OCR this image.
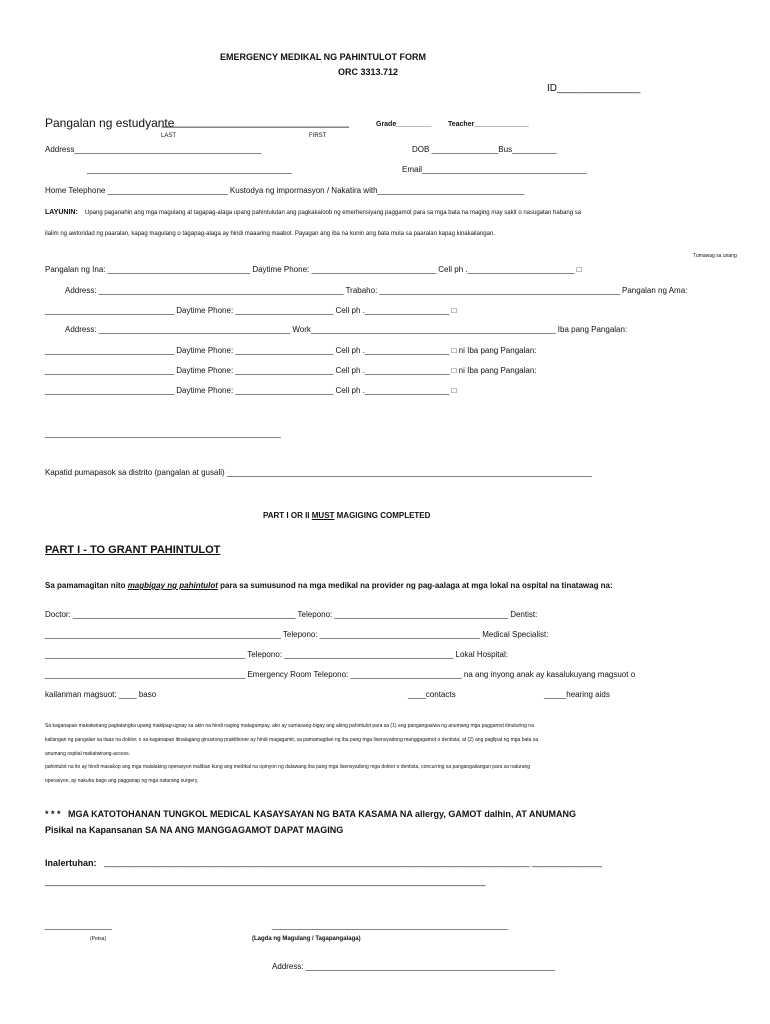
EMERGENCY MEDIKAL NG PAHINTULOT FORM
ORC 3313.712
ID_______________
Pangalan ng estudyante
____________________________	Grade_________ Teacher______________
LAST	FIRST
Address__________________________________________	DOB _______________Bus__________
______________________________________________	Email_____________________________________
Home Telephone ___________________________ Kustodya ng impormasyon / Nakatira with_________________________________
LAYUNIN: Upang paganahin ang mga magulang at tagapag-alaga upang pahintulutan ang pagkakaloob ng emerhensiyang paggamot para sa mga bata na maging may sakit o nasugatan habang sa
ilalim ng awtoridad ng paaralan, kapag magulang o tagapag-alaga ay hindi maaaring maabot. Payagan ang iba na kunin ang bata mula sa paaralan kapag kinakailangan.
Tumawag sa unang
Pangalan ng Ina: ________________________________ Daytime Phone: ____________________________ Cell ph .________________________ □
Address: _______________________________________________________ Trabaho: ______________________________________________________ Pangalan ng Ama:
_____________________________ Daytime Phone: ______________________ Cell ph .___________________ □
Address: ___________________________________________ Work_______________________________________________________ Iba pang Pangalan:
_____________________________ Daytime Phone: ______________________ Cell ph .___________________ □ ni Iba pang Pangalan:
_____________________________ Daytime Phone: ______________________ Cell ph .___________________ □ ni Iba pang Pangalan:
_____________________________ Daytime Phone: ______________________ Cell ph .___________________ □
_____________________________________________________
Kapatid pumapasok sa distrito (pangalan at gusali) __________________________________________________________________________________
PART I OR II MUST MAGIGING COMPLETED
PART I - TO GRANT PAHINTULOT
Sa pamamagitan nito magbigay ng pahintulot para sa sumusunod na mga medikal na provider ng pag-aalaga at mga lokal na ospital na tinatawag na:
Doctor: __________________________________________________ Telepono: _______________________________________ Dentist:
_____________________________________________________ Telepono: ____________________________________ Medical Specialist:
_____________________________________________ Telepono: ______________________________________ Lokal Hospital:
_____________________________________________ Emergency Room Telepono: _________________________ na ang inyong anak ay kasalukuyang magsuot o
kailanman magsuot: ____ baso	____contacts	_____hearing aids
Sa kaganapan makatwirang pagtatangka upang makipag-ugnay sa akin na hindi naging matagumpay, ako ay sumasang-bigay ang aking pahintulot para sa (1) ang pangangasiwa ng anumang mga paggamot itinuturing na
kailangan ng pangalan sa itaas na doktor, o sa kaganapan itinalagang ginustong praktitioner ay hindi magagamit, sa pamamagitan ng iba pang mga lisensyadong manggagamot o dentista; at (2) ang paglipat ng mga bata sa
anumang ospital makatwirang-access.
pahintulot na ito ay hindi masakop ang mga malalaking operasyon maliban kung ang medikal na opinyon ng dalawang iba pang mga lisensyadong mga doktor o dentista, concurring sa pangangailangan para sa naturang
operasyon, ay nakuha bago ang pagganap ng mga naturang surgery.
* * *   MGA KATOTOHANAN TUNGKOL MEDICAL KASAYSAYAN NG BATA KASAMA NA allergy, GAMOT dalhin, AT ANUMANG
Pisikal na Kapansanan SA NA ANG MANGGAGAMOT DAPAT MAGING
Inalertuhan: _____________________________________________________________________________________ ______________
________________________________________________________________________________________
_______________	_____________________________________________________
(Petsa)	(Lagda ng Magulang / Tagapangalaga)
Address: ________________________________________________________
